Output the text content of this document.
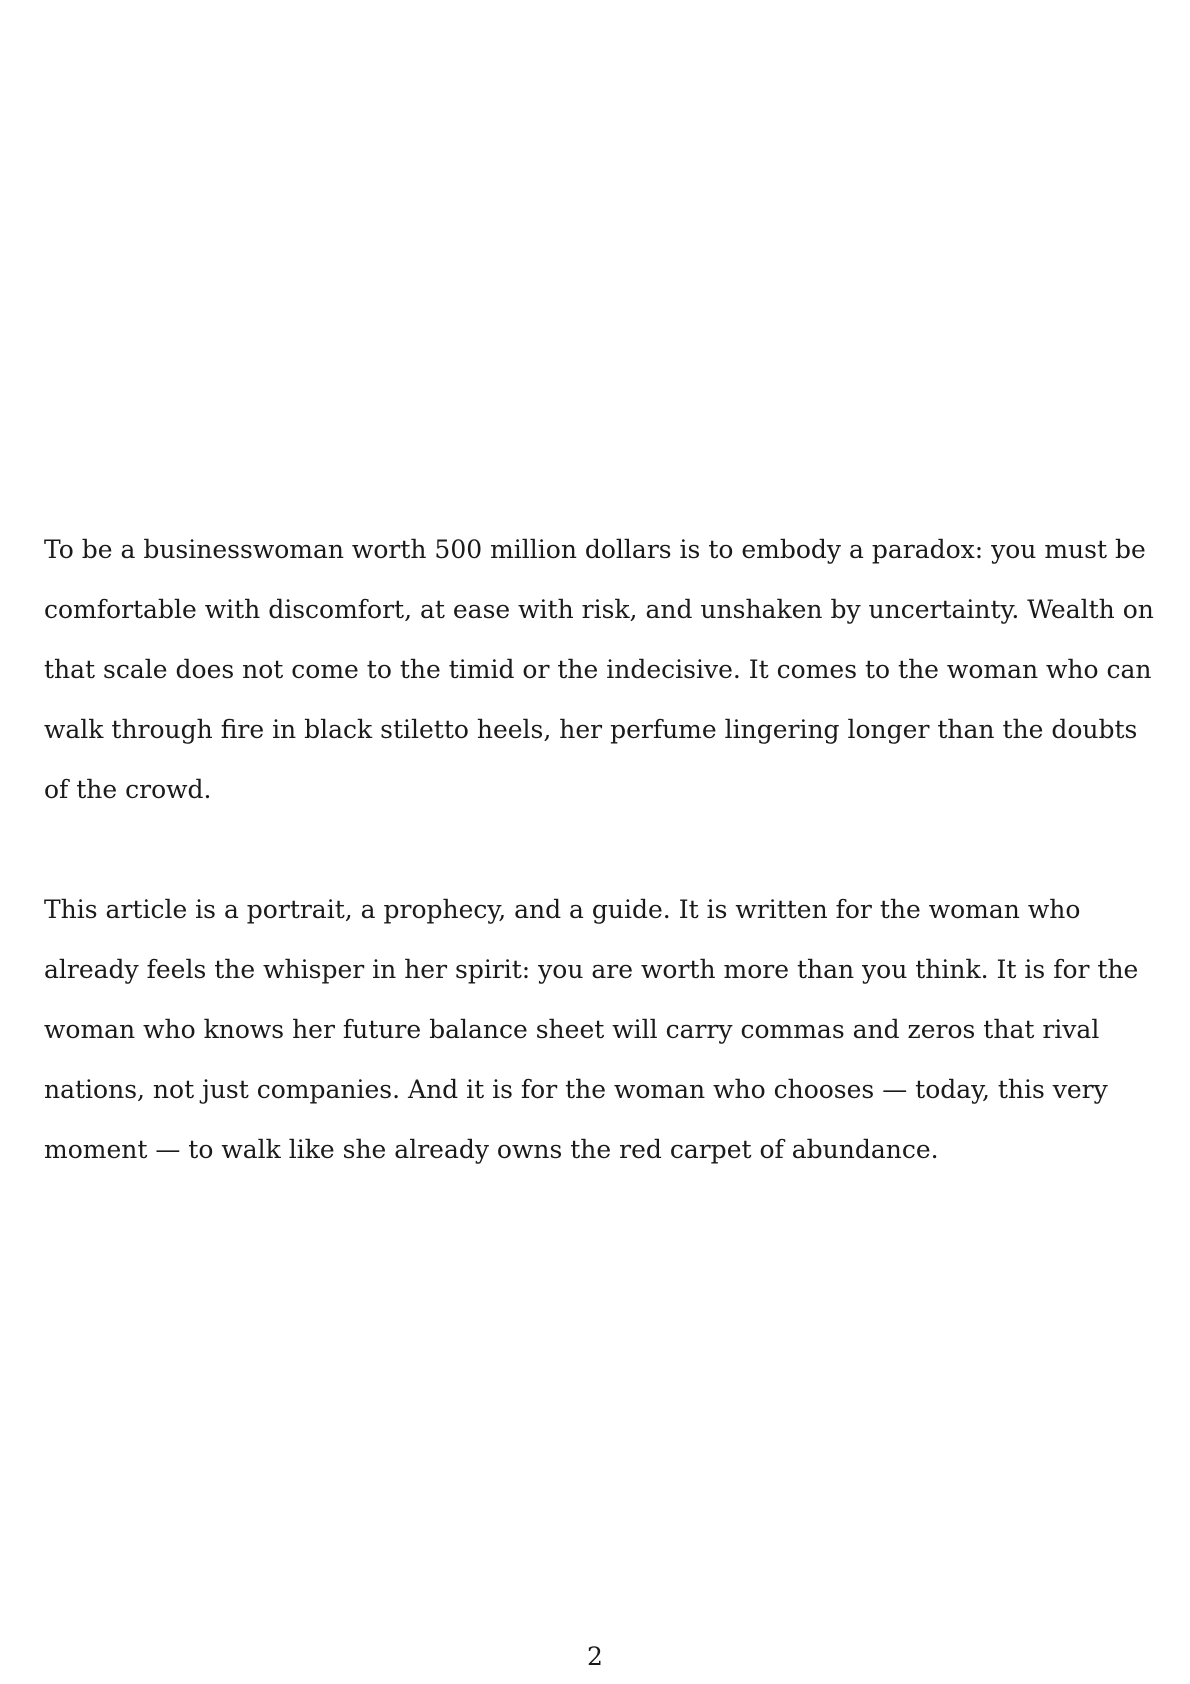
To be a businesswoman worth 500 million dollars is to embody a paradox: you must be comfortable with discomfort, at ease with risk, and unshaken by uncertainty. Wealth on that scale does not come to the timid or the indecisive. It comes to the woman who can walk through fire in black stiletto heels, her perfume lingering longer than the doubts of the crowd.

This article is a portrait, a prophecy, and a guide. It is written for the woman who already feels the whisper in her spirit: you are worth more than you think. It is for the woman who knows her future balance sheet will carry commas and zeros that rival nations, not just companies. And it is for the woman who chooses — today, this very moment — to walk like she already owns the red carpet of abundance.

2
